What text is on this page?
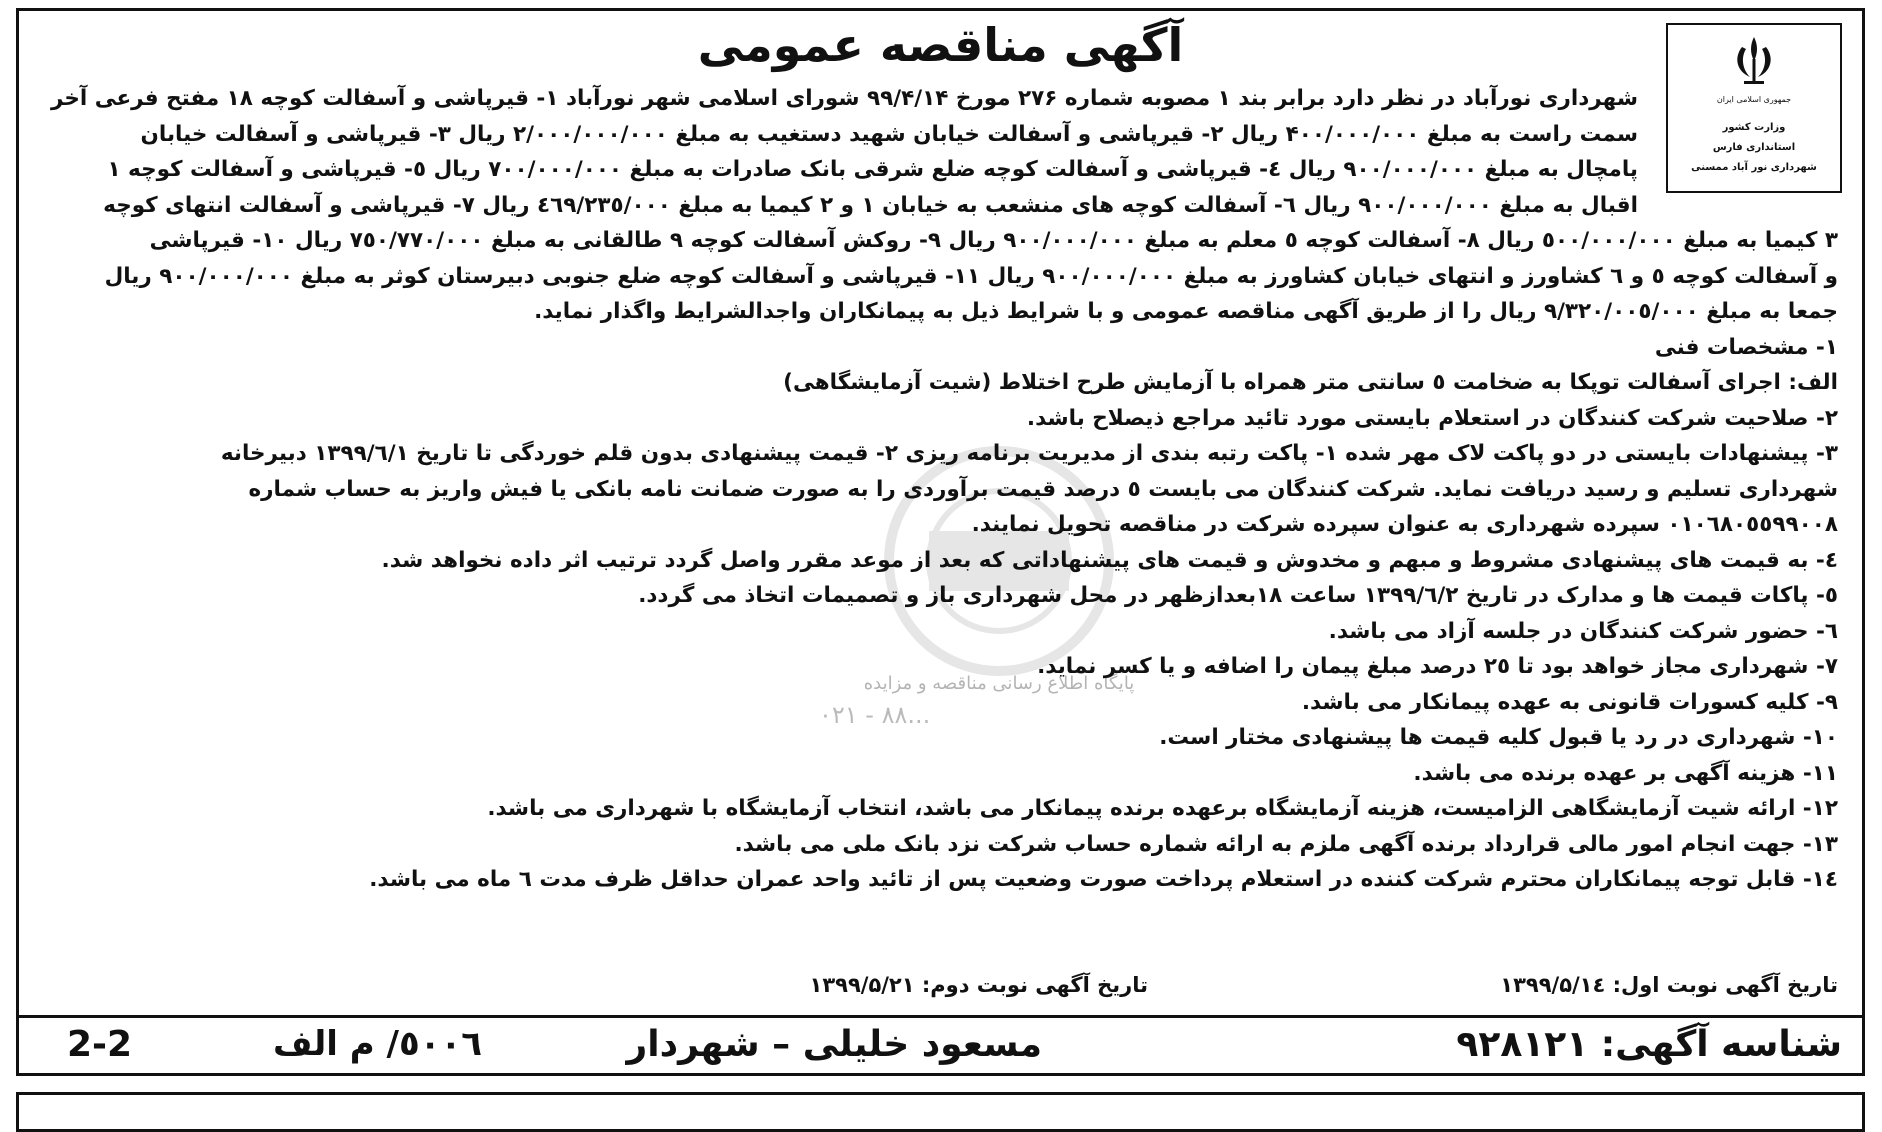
جمهوری اسلامی ایران
وزارت کشور
استانداری فارس
شهرداری نور آباد ممسنی
آگهی مناقصه عمومی
پایگاه اطلاع رسانی مناقصه و مزایده
۰۲۱ - ۸۸...
شهرداری نورآباد در نظر دارد برابر بند ۱ مصوبه شماره ۲۷۶ مورخ ۹۹/۴/۱۴ شورای اسلامی شهر نورآباد ۱- قیرپاشی و آسفالت کوچه ۱۸ مفتح فرعی آخر
سمت راست به مبلغ ۴۰۰/۰۰۰/۰۰۰ ریال ۲- قیرپاشی و آسفالت خیابان شهید دستغیب به مبلغ ۲/۰۰۰/۰۰۰/۰۰۰ ریال ۳- قیرپاشی و آسفالت خیابان
پامچال به مبلغ ۹۰۰/۰۰۰/۰۰۰ ریال ٤- قیرپاشی و آسفالت کوچه ضلع شرقی بانک صادرات به مبلغ ۷۰۰/۰۰۰/۰۰۰ ریال ٥- قیرپاشی و آسفالت کوچه ۱
اقبال به مبلغ ۹۰۰/۰۰۰/۰۰۰ ریال ٦- آسفالت کوچه های منشعب به خیابان ۱ و ۲ کیمیا به مبلغ ٤٦۹/۲۳٥/۰۰۰ ریال ۷- قیرپاشی و آسفالت انتهای کوچه
۳ کیمیا به مبلغ ٥۰۰/۰۰۰/۰۰۰ ریال ۸- آسفالت کوچه ٥ معلم به مبلغ ۹۰۰/۰۰۰/۰۰۰ ریال ۹- روکش آسفالت کوچه ۹ طالقانی به مبلغ ۷٥۰/۷۷۰/۰۰۰ ریال ۱۰- قیرپاشی
و آسفالت کوچه ٥ و ٦ کشاورز و انتهای خیابان کشاورز به مبلغ ۹۰۰/۰۰۰/۰۰۰ ریال ۱۱- قیرپاشی و آسفالت کوچه ضلع جنوبی دبیرستان کوثر به مبلغ ۹۰۰/۰۰۰/۰۰۰ ریال
جمعا به مبلغ ۹/۳۲۰/۰۰٥/۰۰۰ ریال را از طریق آگهی مناقصه عمومی و با شرایط ذیل به پیمانکاران واجدالشرایط واگذار نماید.
۱- مشخصات فنی
الف: اجرای آسفالت توپکا به ضخامت ٥ سانتی متر همراه با آزمایش طرح اختلاط (شیت آزمایشگاهی)
۲- صلاحیت شرکت کنندگان در استعلام بایستی مورد تائید مراجع ذیصلاح باشد.
۳- پیشنهادات بایستی در دو پاکت لاک مهر شده ۱- پاکت رتبه بندی از مدیریت برنامه ریزی ۲- قیمت پیشنهادی بدون قلم خوردگی تا تاریخ ۱۳۹۹/٦/۱ دبیرخانه
شهرداری تسلیم و رسید دریافت نماید. شرکت کنندگان می بایست ٥ درصد قیمت برآوردی را به صورت ضمانت نامه بانکی یا فیش واریز به حساب شماره
۰۱۰٦۸۰٥٥۹۹۰۰۸ سپرده شهرداری به عنوان سپرده شرکت در مناقصه تحویل نمایند.
٤- به قیمت های پیشنهادی مشروط و مبهم و مخدوش و قیمت های پیشنهاداتی که بعد از موعد مقرر واصل گردد ترتیب اثر داده نخواهد شد.
٥- پاکات قیمت ها و مدارک در تاریخ ۱۳۹۹/٦/۲ ساعت ۱۸بعدازظهر در محل شهرداری باز و تصمیمات اتخاذ می گردد.
٦- حضور شرکت کنندگان در جلسه آزاد می باشد.
۷- شهرداری مجاز خواهد بود تا ۲٥ درصد مبلغ پیمان را اضافه و یا کسر نماید.
۹- کلیه کسورات قانونی به عهده پیمانکار می باشد.
۱۰- شهرداری در رد یا قبول کلیه قیمت ها پیشنهادی مختار است.
۱۱- هزینه آگهی بر عهده برنده می باشد.
۱۲- ارائه شیت آزمایشگاهی الزامیست، هزینه آزمایشگاه برعهده برنده پیمانکار می باشد، انتخاب آزمایشگاه با شهرداری می باشد.
۱۳- جهت انجام امور مالی قرارداد برنده آگهی ملزم به ارائه شماره حساب شرکت نزد بانک ملی می باشد.
۱٤- قابل توجه پیمانکاران محترم شرکت کننده در استعلام پرداخت صورت وضعیت پس از تائید واحد عمران حداقل ظرف مدت ٦ ماه می باشد.
تاریخ آگهی نوبت اول: ۱۳۹۹/۵/۱٤
تاریخ آگهی نوبت دوم: ۱۳۹۹/۵/۲۱
شناسه آگهی: ۹۲۸۱۲۱
مسعود خلیلی – شهردار
٥۰۰٦/ م الف
2-2
